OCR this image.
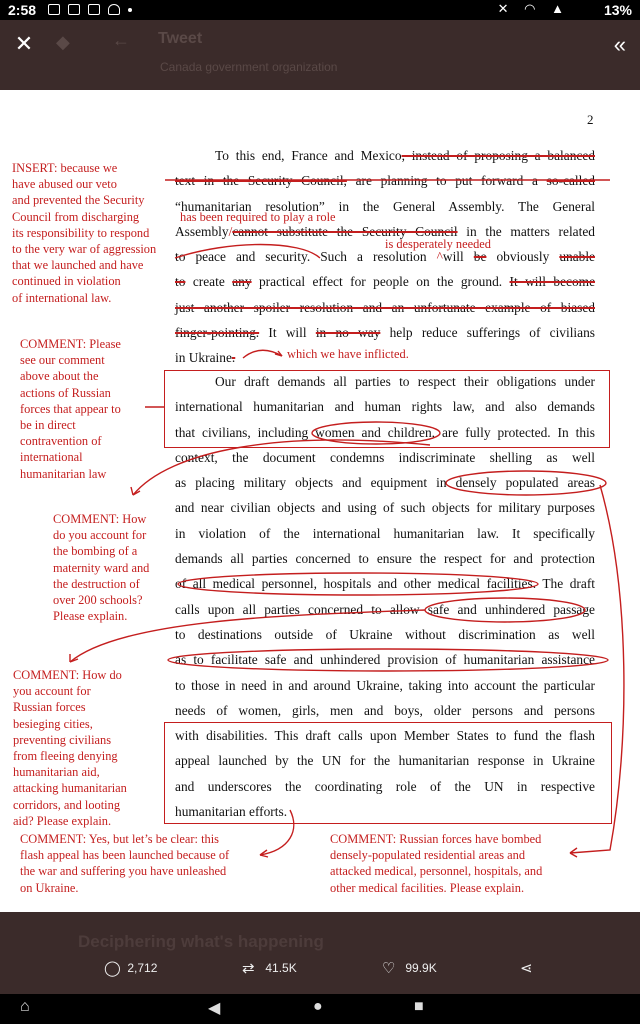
2:58	✕ ◠ ▲ 13%
✕ ◆ ← Tweet
Canada government organization
«
2
To this end, France and Mexico, instead of proposing a balanced
text in the Security Council, are planning to put forward a so-called
“humanitarian resolution” in the General Assembly. The General
Assembly/cannot substitute the Security Council in the matters related
to peace and security. Such a resolution ^will be obviously unable
to create any practical effect for people on the ground. It will become
just another spoiler resolution and an unfortunate example of biased
finger-pointing. It will in no way help reduce sufferings of civilians
in Ukraine.
Our draft demands all parties to respect their obligations under
international humanitarian and human rights law, and also demands
that civilians, including women and children, are fully protected. In this
context, the document condemns indiscriminate shelling as well
as placing military objects and equipment in densely populated areas
and near civilian objects and using of such objects for military purposes
in violation of the international humanitarian law. It specifically
demands all parties concerned to ensure the respect for and protection
of all medical personnel, hospitals and other medical facilities. The draft
calls upon all parties concerned to allow safe and unhindered passage
to destinations outside of Ukraine without discrimination as well
as to facilitate safe and unhindered provision of humanitarian assistance
to those in need in and around Ukraine, taking into account the particular
needs of women, girls, men and boys, older persons and persons
with disabilities. This draft calls upon Member States to fund the flash
appeal launched by the UN for the humanitarian response in Ukraine
and underscores the coordinating role of the UN in respective
humanitarian efforts.
has been required to play a role
is desperately needed
which we have inflicted.
INSERT: because we
have abused our veto
and prevented the Security
Council from discharging
its responsibility to respond
to the very war of aggression
that we launched and have
continued in violation
of international law.
COMMENT: Please
see our comment
above about the
actions of Russian
forces that appear to
be in direct
contravention of
international
humanitarian law
COMMENT: How
do you account for
the bombing of a
maternity ward and
the destruction of
over 200 schools?
Please explain.
COMMENT: How do
you account for
Russian forces
besieging cities,
preventing civilians
from fleeing denying
humanitarian aid,
attacking humanitarian
corridors, and looting
aid? Please explain.
COMMENT: Yes, but let’s be clear: this
flash appeal has been launched because of
the war and suffering you have unleashed
on Ukraine.
COMMENT: Russian forces have bombed
densely-populated residential areas and
attacked medical, personnel, hospitals, and
other medical facilities. Please explain.
Deciphering what's happening
◯ 2,712	⇄ 41.5K	♡ 99.9K	⋖
⌂	◀	●	■
